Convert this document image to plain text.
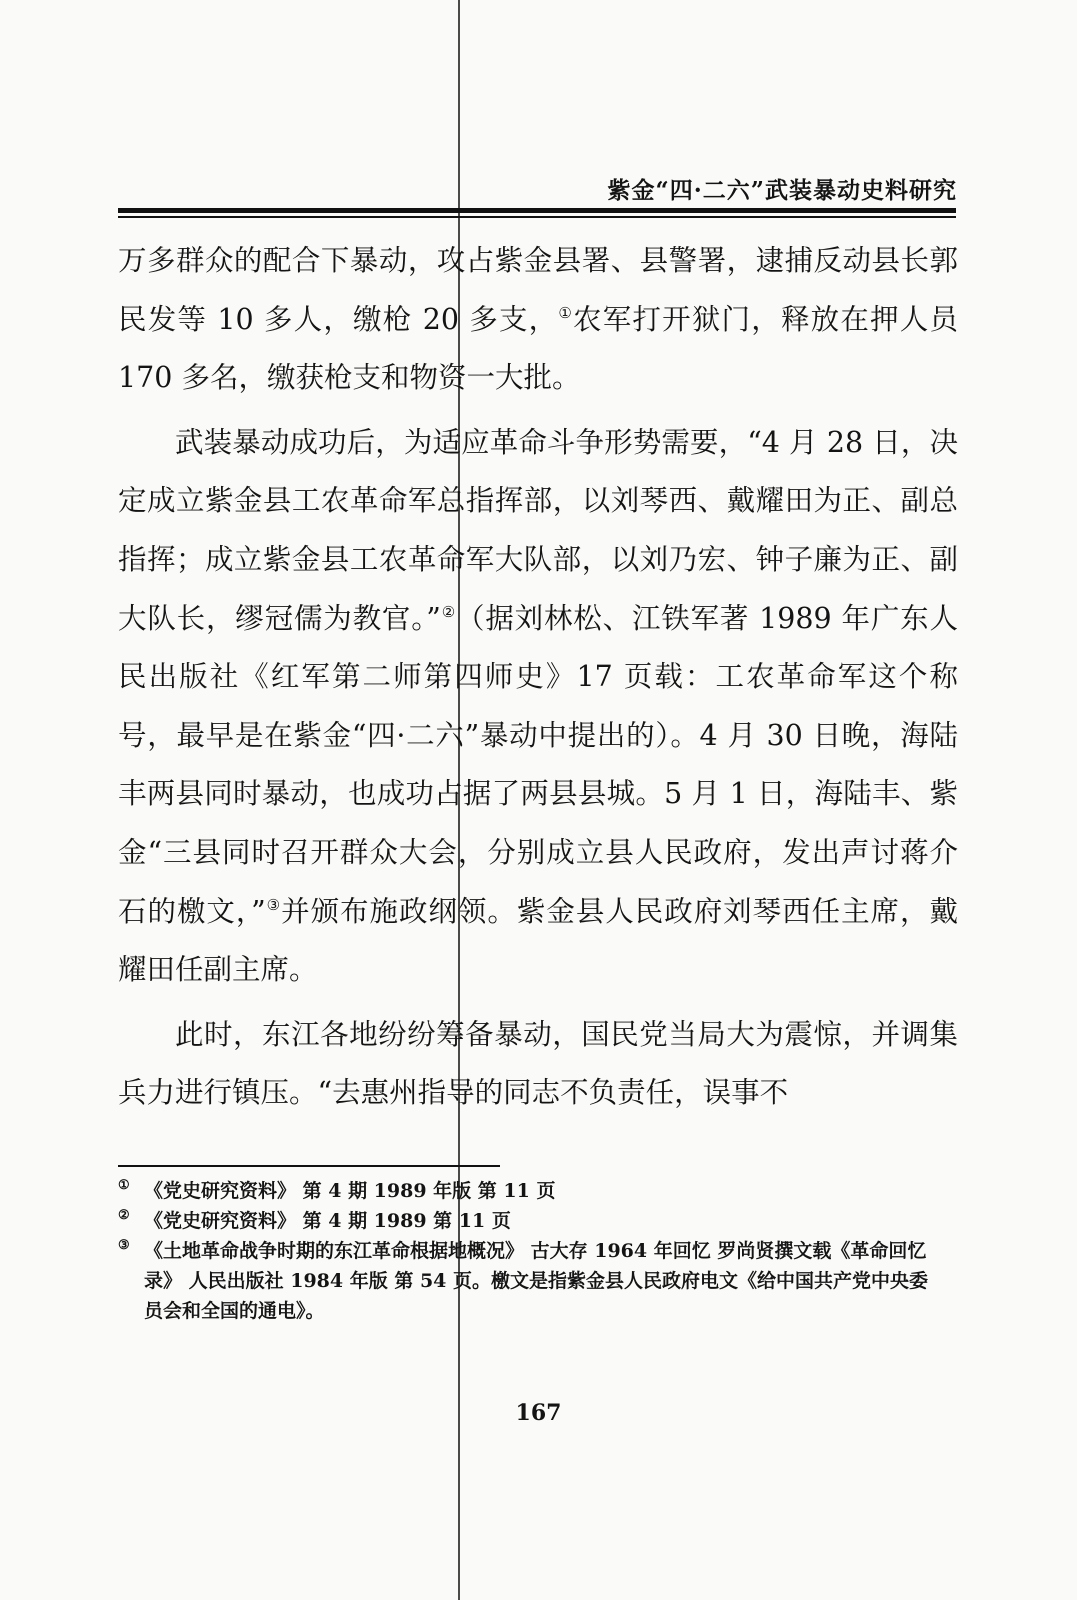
紫金“四·二六”武装暴动史料研究

万多群众的配合下暴动，攻占紫金县署、县警署，逮捕反动县长郭民发等 10 多人，缴枪 20 多支，①农军打开狱门，释放在押人员 170 多名，缴获枪支和物资一大批。

武装暴动成功后，为适应革命斗争形势需要，“4 月 28 日，决定成立紫金县工农革命军总指挥部，以刘琴西、戴耀田为正、副总指挥；成立紫金县工农革命军大队部，以刘乃宏、钟子廉为正、副大队长，缪冠儒为教官。”②（据刘林松、江铁军著 1989 年广东人民出版社《红军第二师第四师史》17 页载：工农革命军这个称号，最早是在紫金“四·二六”暴动中提出的）。4 月 30 日晚，海陆丰两县同时暴动，也成功占据了两县县城。5 月 1 日，海陆丰、紫金“三县同时召开群众大会，分别成立县人民政府，发出声讨蒋介石的檄文，”③并颁布施政纲领。紫金县人民政府刘琴西任主席，戴耀田任副主席。

此时，东江各地纷纷筹备暴动，国民党当局大为震惊，并调集兵力进行镇压。“去惠州指导的同志不负责任，误事不

① 《党史研究资料》 第 4 期 1989 年版 第 11 页
② 《党史研究资料》 第 4 期 1989 第 11 页
③ 《土地革命战争时期的东江革命根据地概况》 古大存 1964 年回忆 罗尚贤撰文载《革命回忆录》 人民出版社 1984 年版 第 54 页。檄文是指紫金县人民政府电文《给中国共产党中央委员会和全国的通电》。
167
